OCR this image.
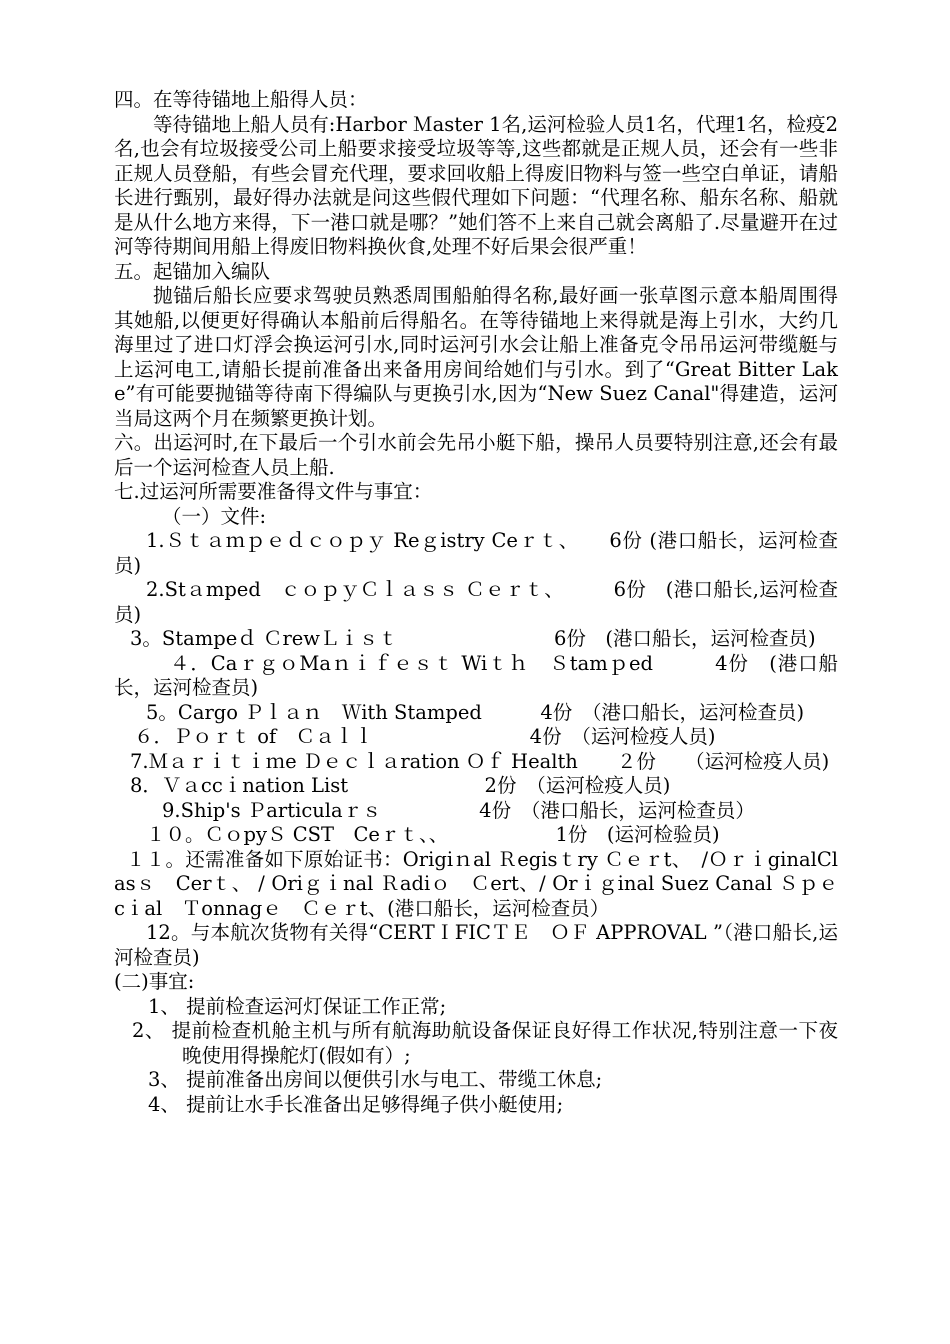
四。在等待锚地上船得人员：

等待锚地上船人员有:Harbor Ｍaster 1名,运河检验人员1名，代理1名，检疫2名,也会有垃圾接受公司上船要求接受垃圾等等,这些都就是正规人员，还会有一些非正规人员登船，有些会冒充代理，要求回收船上得废旧物料与签一些空白单证，请船长进行甄别，最好得办法就是问这些假代理如下问题：“代理名称、船东名称、船就是从什么地方来得，下一港口就是哪？”她们答不上来自己就会离船了.尽量避开在过河等待期间用船上得废旧物料换伙食,处理不好后果会很严重！

五。起锚加入编队

抛锚后船长应要求驾驶员熟悉周围船舶得名称,最好画一张草图示意本船周围得其她船,以便更好得确认本船前后得船名。在等待锚地上来得就是海上引水，大约几海里过了进口灯浮会换运河引水,同时运河引水会让船上准备克令吊吊运河带缆艇与上运河电工,请船长提前准备出来备用房间给她们与引水。到了“Great Bitter Lake”有可能要抛锚等待南下得编队与更换引水,因为“New Suez Canal"得建造，运河当局这两个月在频繁更换计划。

六。出运河时,在下最后一个引水前会先吊小艇下船，操吊人员要特别注意,还会有最后一个运河检查人员上船.

七.过运河所需要准备得文件与事宜：

（一）文件:

1.Ｓｔａｍｐｅｄｃｏｐｙ Reｇistry Ceｒｔ、　　6份 (港口船长，运河检查员)

2.Stａmped　ｃｏｐｙＣｌａｓｓ Ｃｅｒｔ、　　　6份　(港口船长,运河检查员)

3。Stampeｄ ＣrewＬｉｓｔ　　　　　　　　6份　(港口船长，运河检查员)

４．CaｒｇｏMaｎｉｆｅｓｔ Wiｔｈ　Ｓtamｐed　　　4份　(港口船长，运河检查员)

5。Cargo Ｐｌａｎ　Ｗith Stamped　　　4份　（港口船长，运河检查员)

６．Ｐｏｒｔ of　Ｃａｌｌ　　　　　　　　4份　（运河检疫人员)

7.Ｍａｒｉｔｉｍe Ｄｅｃｌａration Ｏｆ Health　　２份　　（运河检疫人员)

8．Ｖａccｉnation List　　　　　　　2份　（运河检疫人员)

9.Ship's Ｐarticulaｒｓ　　　　　4份　（港口船长，运河检查员）

１０。ＣｏpyＳ CST　Ceｒｔ、、　　　　　　1份　(运河检验员)

１１。还需准备如下原始证书：Origiｎal Ｒegisｔry Ｃｅｒt、　/ＯｒｉginalClasｓ　Cerｔ、 / Oriｇｉnal Ｒadiｏ　Ｃert、/ Orｉｇinal Suez Canal Ｓｐｅcｉal　Ｔonnagｅ　Ｃｅｒt、(港口船长，运河检查员）

12。与本航次货物有关得“CERTＩFICＴＥ　ＯＦ APPROVAL ”（港口船长,运河检查员)

(二)事宜:

1、 提前检查运河灯保证工作正常;

2、 提前检查机舱主机与所有航海助航设备保证良好得工作状况,特别注意一下夜晚使用得操舵灯(假如有）;

3、 提前准备出房间以便供引水与电工、带缆工休息;

4、 提前让水手长准备出足够得绳子供小艇使用;
